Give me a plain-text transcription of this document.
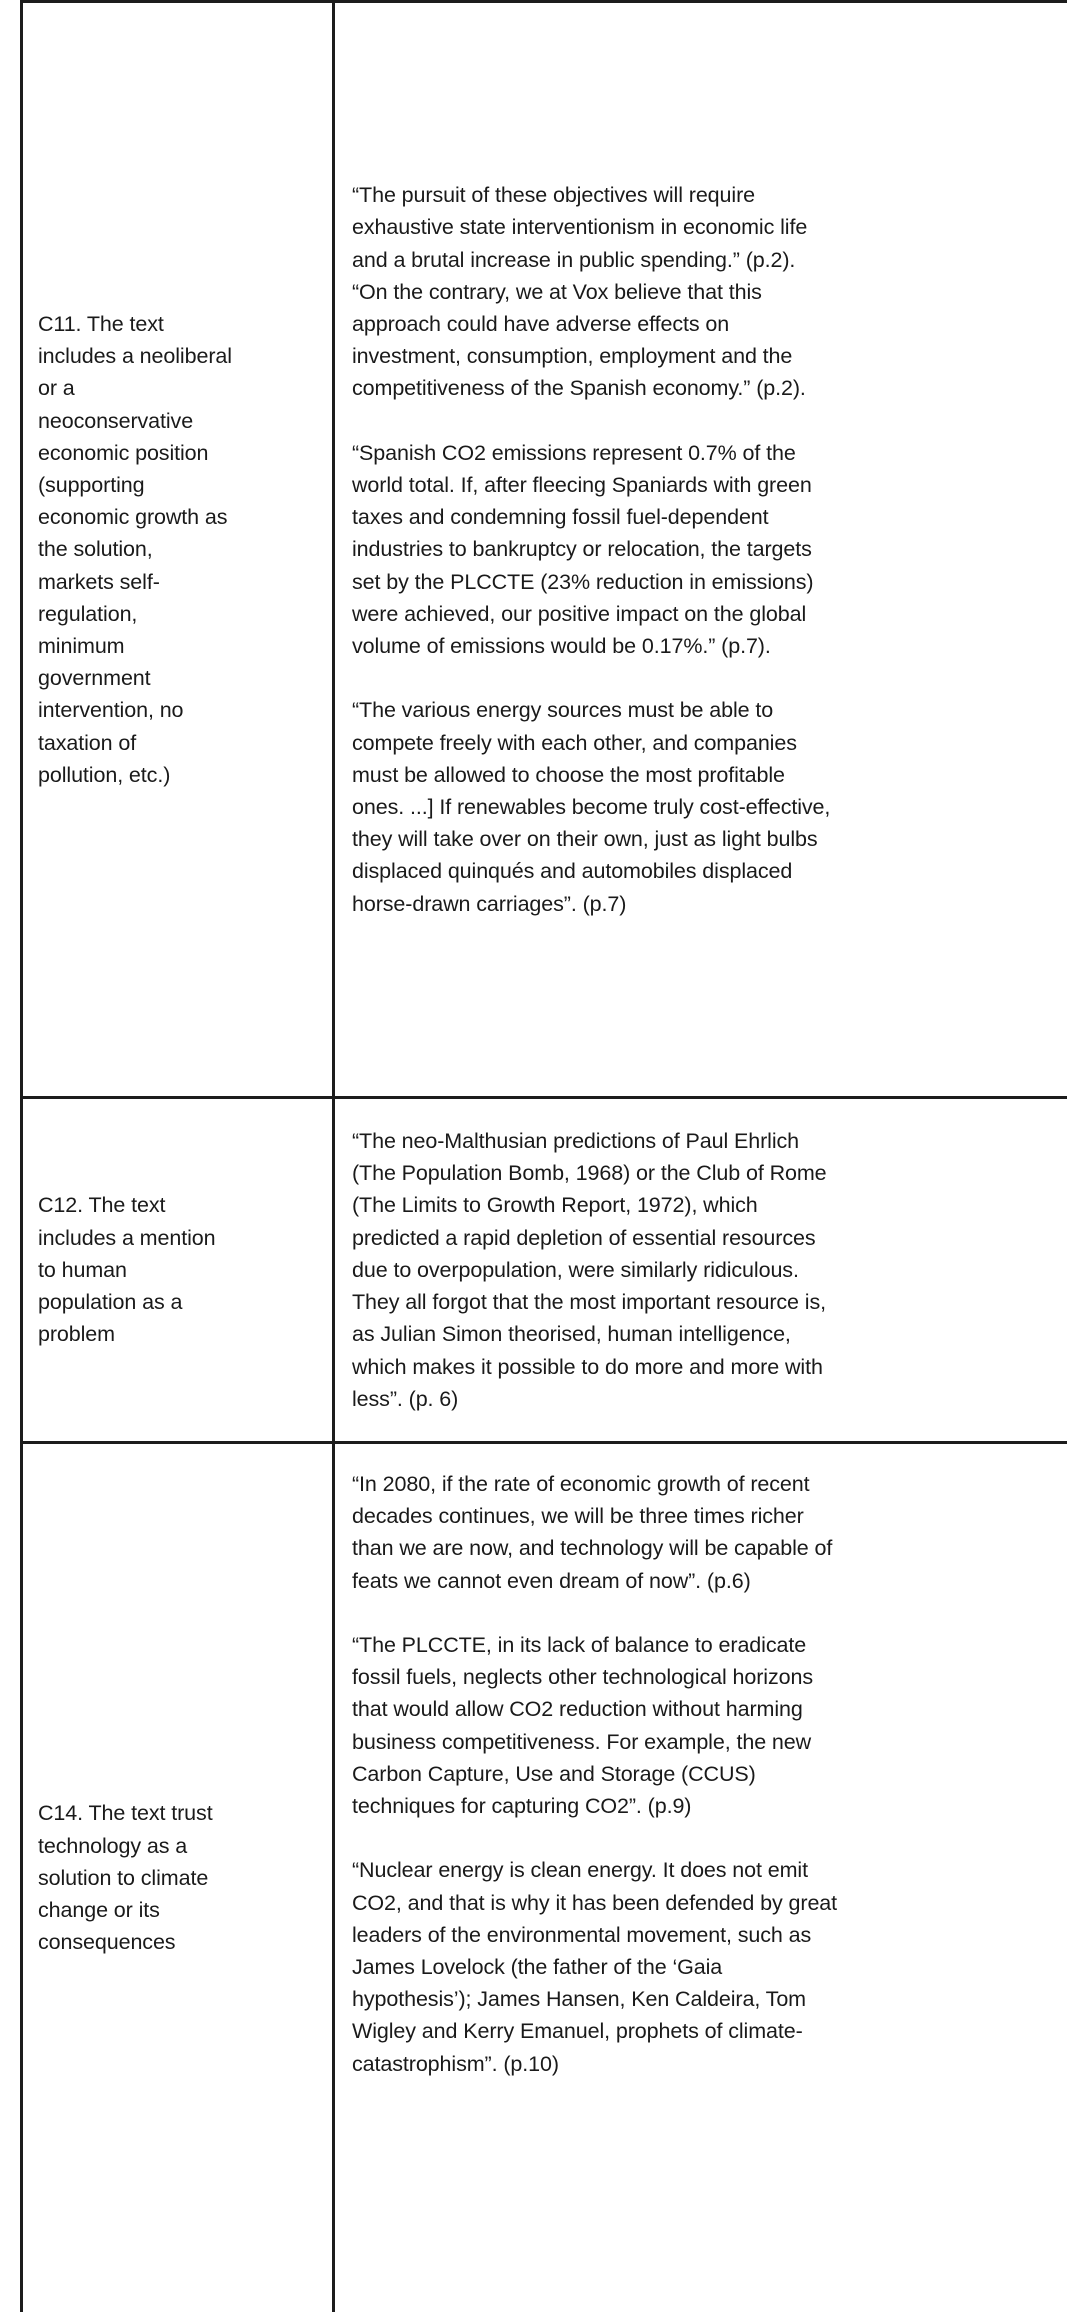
C11. The text
includes a neoliberal
or a
neoconservative
economic position
(supporting
economic growth as
the solution,
markets self-
regulation,
minimum
government
intervention, no
taxation of
pollution, etc.)
“The pursuit of these objectives will require
exhaustive state interventionism in economic life
and a brutal increase in public spending.” (p.2).
“On the contrary, we at Vox believe that this
approach could have adverse effects on
investment, consumption, employment and the
competitiveness of the Spanish economy.” (p.2).
“Spanish CO2 emissions represent 0.7% of the
world total. If, after fleecing Spaniards with green
taxes and condemning fossil fuel-dependent
industries to bankruptcy or relocation, the targets
set by the PLCCTE (23% reduction in emissions)
were achieved, our positive impact on the global
volume of emissions would be 0.17%.” (p.7).
“The various energy sources must be able to
compete freely with each other, and companies
must be allowed to choose the most profitable
ones. ...] If renewables become truly cost-effective,
they will take over on their own, just as light bulbs
displaced quinqués and automobiles displaced
horse-drawn carriages”. (p.7)
C12. The text
includes a mention
to human
population as a
problem
“The neo-Malthusian predictions of Paul Ehrlich
(The Population Bomb, 1968) or the Club of Rome
(The Limits to Growth Report, 1972), which
predicted a rapid depletion of essential resources
due to overpopulation, were similarly ridiculous.
They all forgot that the most important resource is,
as Julian Simon theorised, human intelligence,
which makes it possible to do more and more with
less”. (p. 6)
C14. The text trust
technology as a
solution to climate
change or its
consequences
“In 2080, if the rate of economic growth of recent
decades continues, we will be three times richer
than we are now, and technology will be capable of
feats we cannot even dream of now”. (p.6)
“The PLCCTE, in its lack of balance to eradicate
fossil fuels, neglects other technological horizons
that would allow CO2 reduction without harming
business competitiveness. For example, the new
Carbon Capture, Use and Storage (CCUS)
techniques for capturing CO2”. (p.9)
“Nuclear energy is clean energy. It does not emit
CO2, and that is why it has been defended by great
leaders of the environmental movement, such as
James Lovelock (the father of the ‘Gaia
hypothesis’); James Hansen, Ken Caldeira, Tom
Wigley and Kerry Emanuel, prophets of climate-
catastrophism”. (p.10)
